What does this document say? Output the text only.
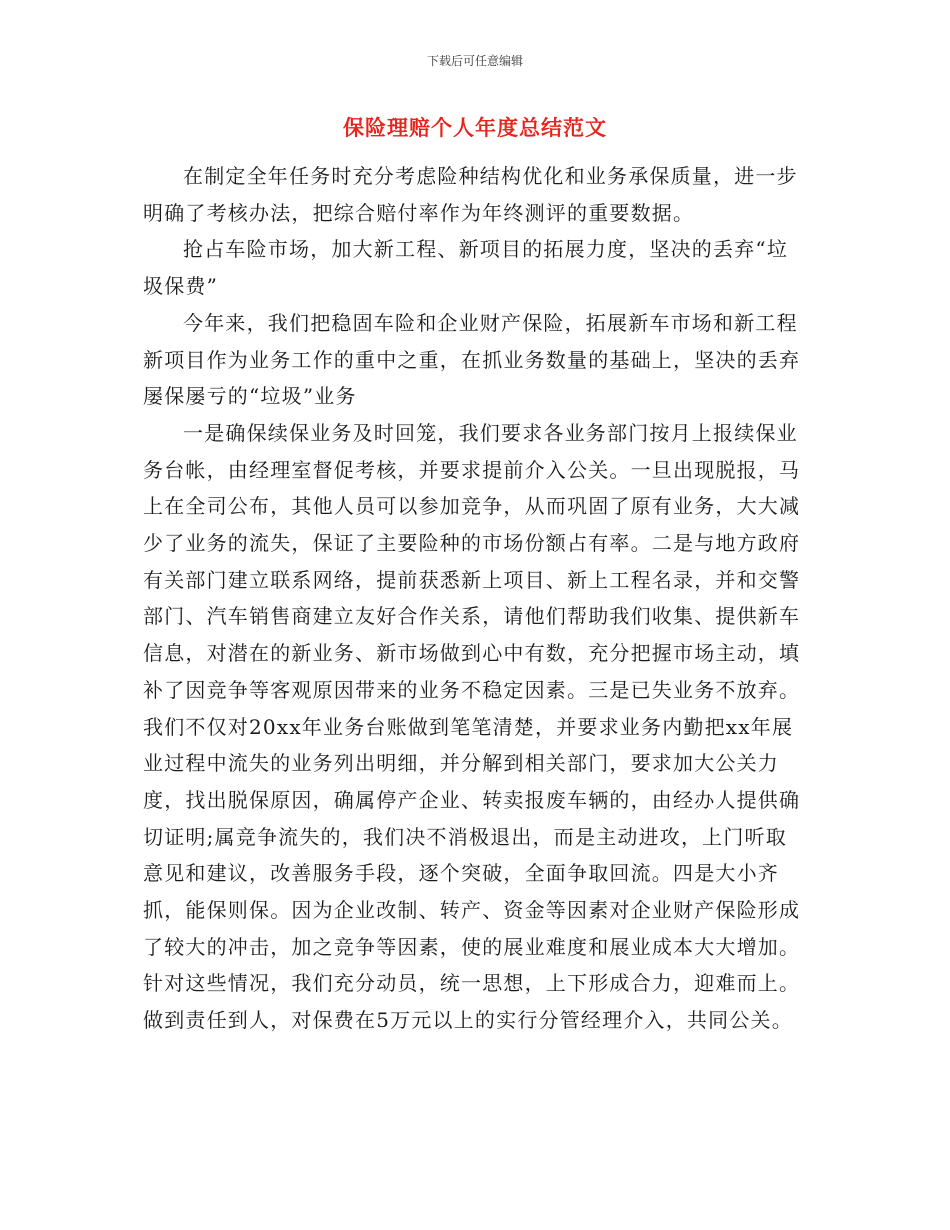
下载后可任意编辑
保险理赔个人年度总结范文

在制定全年任务时充分考虑险种结构优化和业务承保质量，进一步明确了考核办法，把综合赔付率作为年终测评的重要数据。

抢占车险市场，加大新工程、新项目的拓展力度，坚决的丢弃“垃圾保费”

今年来，我们把稳固车险和企业财产保险，拓展新车市场和新工程新项目作为业务工作的重中之重，在抓业务数量的基础上，坚决的丢弃屡保屡亏的“垃圾”业务

一是确保续保业务及时回笼，我们要求各业务部门按月上报续保业务台帐，由经理室督促考核，并要求提前介入公关。一旦出现脱报，马上在全司公布，其他人员可以参加竞争，从而巩固了原有业务，大大减少了业务的流失，保证了主要险种的市场份额占有率。二是与地方政府有关部门建立联系网络，提前获悉新上项目、新上工程名录，并和交警部门、汽车销售商建立友好合作关系，请他们帮助我们收集、提供新车信息，对潜在的新业务、新市场做到心中有数，充分把握市场主动，填补了因竞争等客观原因带来的业务不稳定因素。三是已失业务不放弃。我们不仅对20xx年业务台账做到笔笔清楚，并要求业务内勤把xx年展业过程中流失的业务列出明细，并分解到相关部门，要求加大公关力度，找出脱保原因，确属停产企业、转卖报废车辆的，由经办人提供确切证明;属竞争流失的，我们决不消极退出，而是主动进攻，上门听取意见和建议，改善服务手段，逐个突破，全面争取回流。四是大小齐抓，能保则保。因为企业改制、转产、资金等因素对企业财产保险形成了较大的冲击，加之竞争等因素，使的展业难度和展业成本大大增加。针对这些情况，我们充分动员，统一思想，上下形成合力，迎难而上。做到责任到人，对保费在5万元以上的实行分管经理介入，共同公关。
